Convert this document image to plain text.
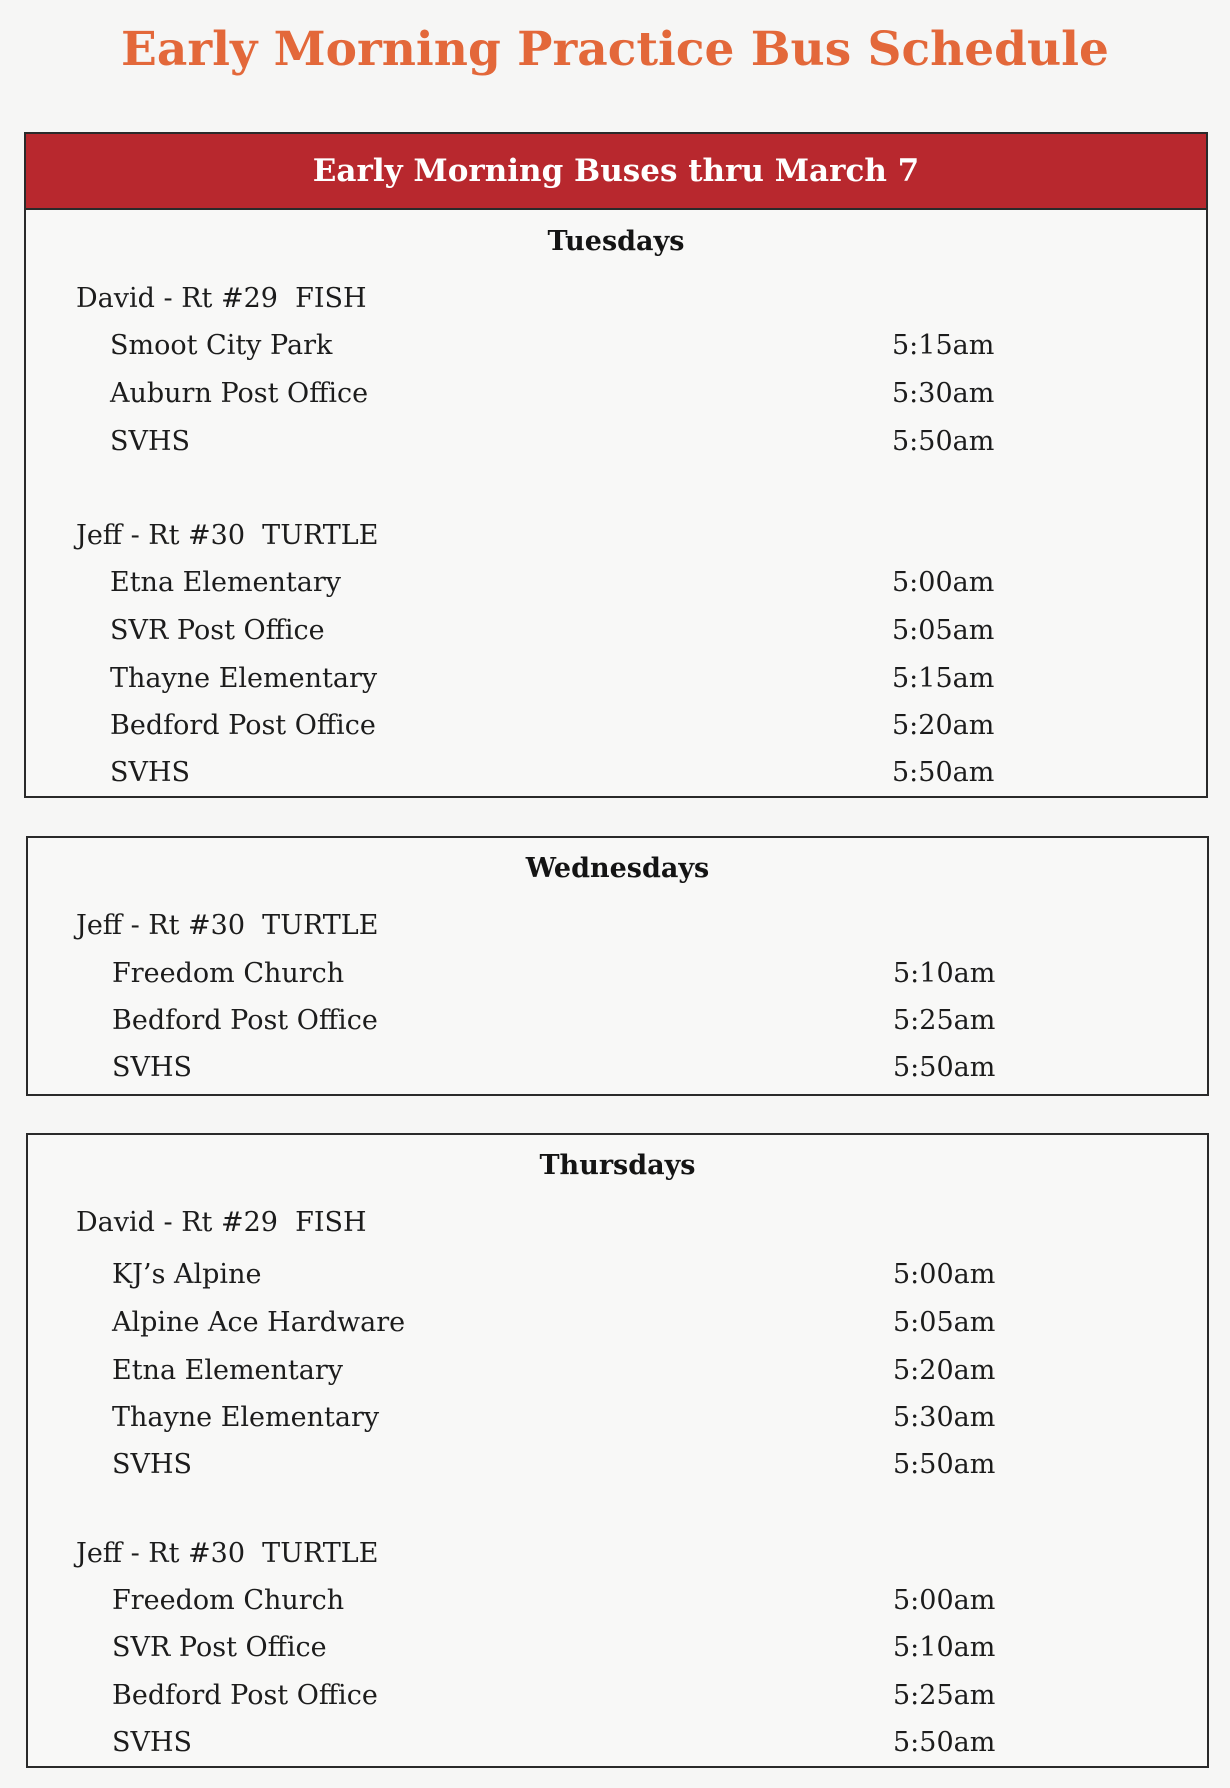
Early Morning Practice Bus Schedule
Early Morning Buses thru March 7
Tuesdays
David - Rt #29  FISH
Smoot City Park	5:15am
Auburn Post Office	5:30am
SVHS	5:50am
Jeff - Rt #30  TURTLE
Etna Elementary	5:00am
SVR Post Office	5:05am
Thayne Elementary	5:15am
Bedford Post Office	5:20am
SVHS	5:50am
Wednesdays
Jeff - Rt #30  TURTLE
Freedom Church	5:10am
Bedford Post Office	5:25am
SVHS	5:50am
Thursdays
David - Rt #29  FISH
KJ’s Alpine	5:00am
Alpine Ace Hardware	5:05am
Etna Elementary	5:20am
Thayne Elementary	5:30am
SVHS	5:50am
Jeff - Rt #30  TURTLE
Freedom Church	5:00am
SVR Post Office	5:10am
Bedford Post Office	5:25am
SVHS	5:50am
